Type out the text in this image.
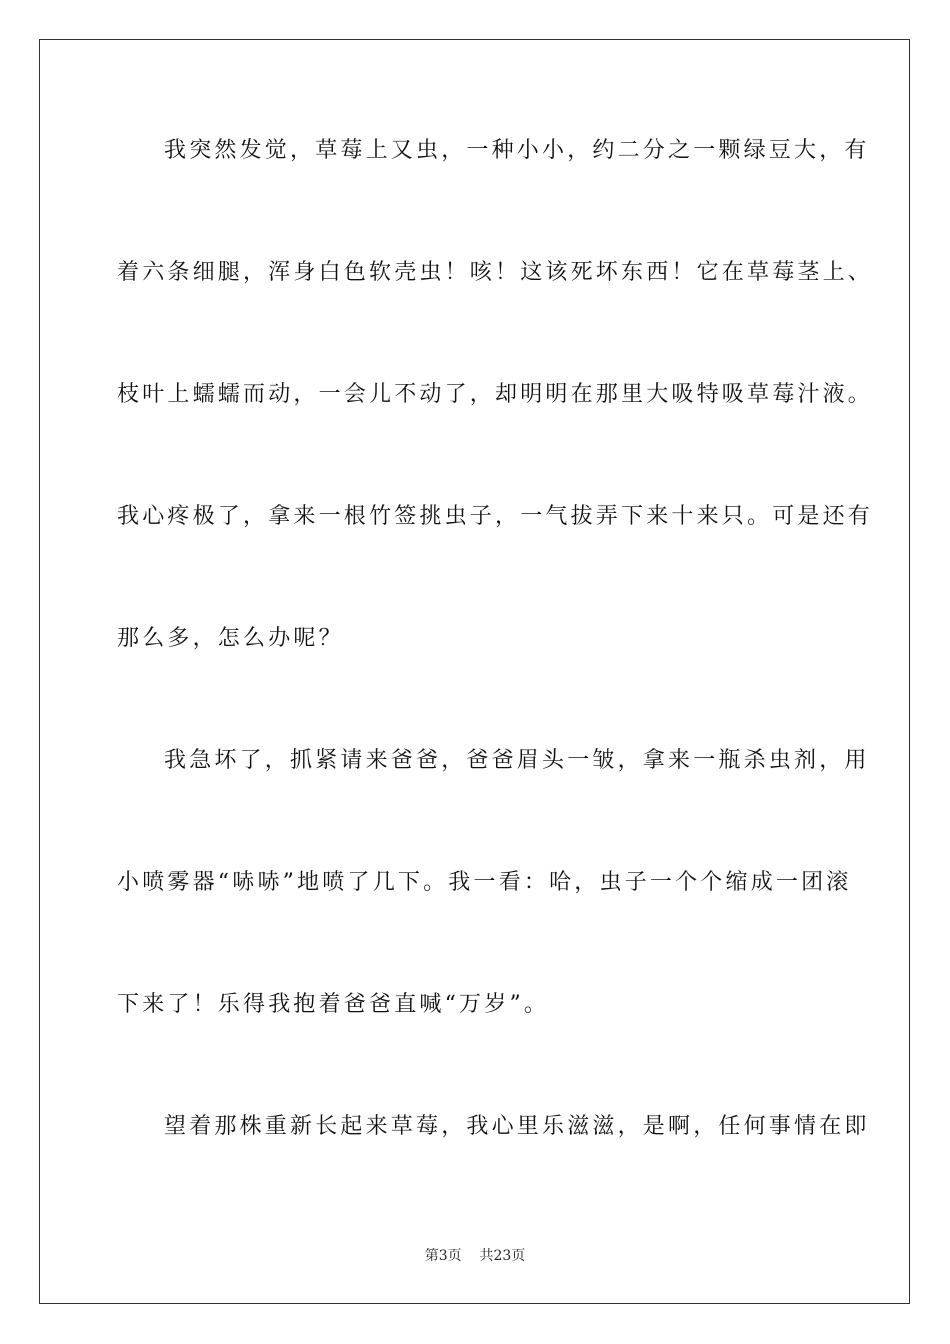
我突然发觉，草莓上又虫，一种小小，约二分之一颗绿豆大，有
着六条细腿，浑身白色软壳虫！咳！这该死坏东西！它在草莓茎上、
枝叶上蠕蠕而动，一会儿不动了，却明明在那里大吸特吸草莓汁液。
我心疼极了，拿来一根竹签挑虫子，一气拔弄下来十来只。可是还有
那么多，怎么办呢？
我急坏了，抓紧请来爸爸，爸爸眉头一皱，拿来一瓶杀虫剂，用
小喷雾器“哧哧”地喷了几下。我一看：哈，虫子一个个缩成一团滚
下来了！乐得我抱着爸爸直喊“万岁”。
望着那株重新长起来草莓，我心里乐滋滋，是啊，任何事情在即
第3页 共23页
